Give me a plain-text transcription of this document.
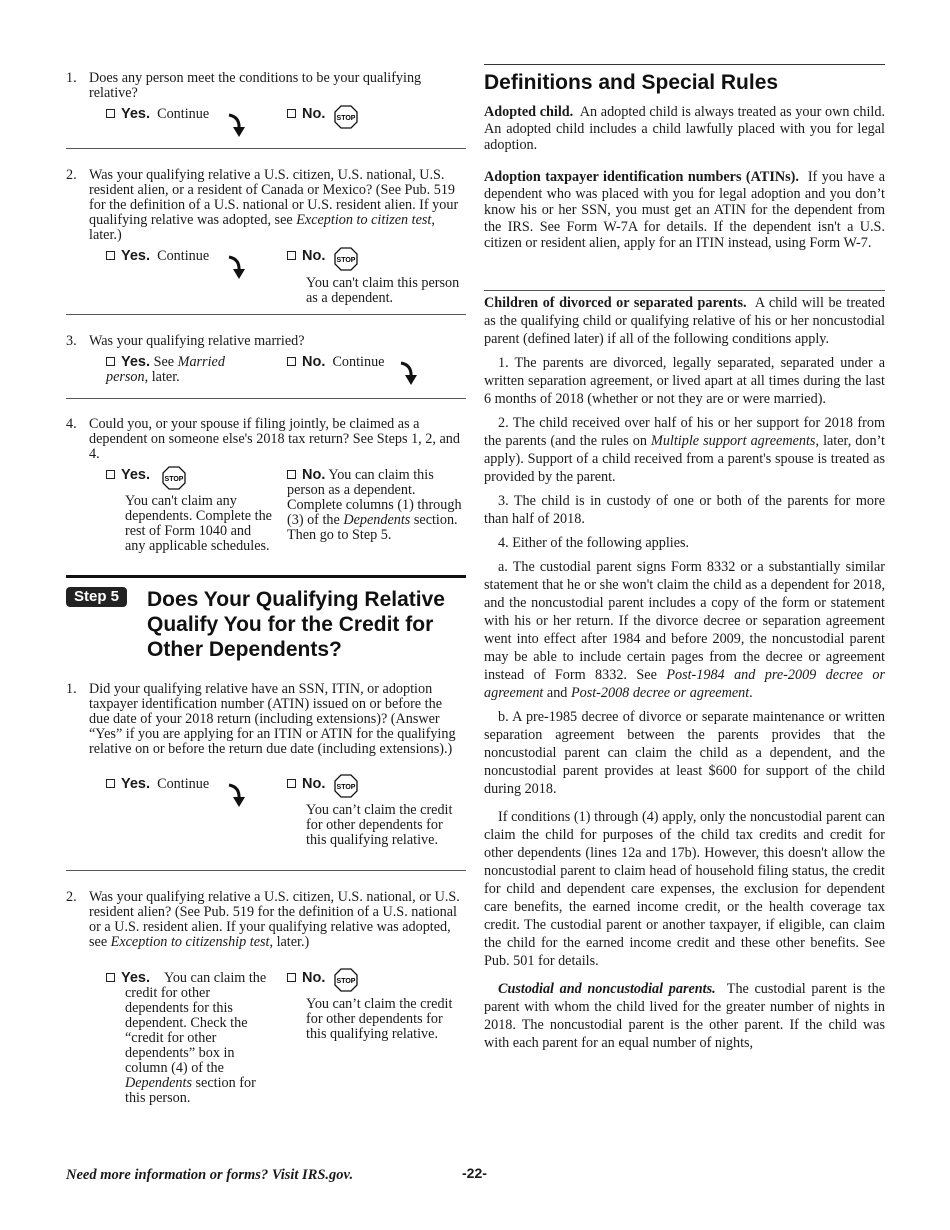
1. Does any person meet the conditions to be your qualifying relative?
Yes. Continue	No. STOP
2. Was your qualifying relative a U.S. citizen, U.S. national, U.S. resident alien, or a resident of Canada or Mexico? (See Pub. 519 for the definition of a U.S. national or U.S. resident alien. If your qualifying relative was adopted, see Exception to citizen test, later.)
Yes. Continue	No. STOP
You can't claim this person as a dependent.
3. Was your qualifying relative married?
Yes. See Married person, later.
No. Continue
4. Could you, or your spouse if filing jointly, be claimed as a dependent on someone else's 2018 tax return? See Steps 1, 2, and 4.
Yes. STOP
You can't claim any dependents. Complete the rest of Form 1040 and any applicable schedules.
No. You can claim this person as a dependent. Complete columns (1) through (3) of the Dependents section. Then go to Step 5.
Step 5	Does Your Qualifying Relative Qualify You for the Credit for Other Dependents?
1. Did your qualifying relative have an SSN, ITIN, or adoption taxpayer identification number (ATIN) issued on or before the due date of your 2018 return (including extensions)? (Answer “Yes” if you are applying for an ITIN or ATIN for the qualifying relative on or before the return due date (including extensions).)
Yes. Continue	No. STOP
You can’t claim the credit for other dependents for this qualifying relative.
2. Was your qualifying relative a U.S. citizen, U.S. national, or U.S. resident alien? (See Pub. 519 for the definition of a U.S. national or a U.S. resident alien. If your qualifying relative was adopted, see Exception to citizenship test, later.)
Yes. You can claim the credit for other dependents for this dependent. Check the “credit for other dependents” box in column (4) of the Dependents section for this person.
No. STOP
You can’t claim the credit for other dependents for this qualifying relative.
Definitions and Special Rules

Adopted child. An adopted child is always treated as your own child. An adopted child includes a child lawfully placed with you for legal adoption.

Adoption taxpayer identification numbers (ATINs). If you have a dependent who was placed with you for legal adoption and you don’t know his or her SSN, you must get an ATIN for the dependent from the IRS. See Form W-7A for details. If the dependent isn't a U.S. citizen or resident alien, apply for an ITIN instead, using Form W-7.

Children of divorced or separated parents. A child will be treated as the qualifying child or qualifying relative of his or her noncustodial parent (defined later) if all of the following conditions apply.

1. The parents are divorced, legally separated, separated under a written separation agreement, or lived apart at all times during the last 6 months of 2018 (whether or not they are or were married).

2. The child received over half of his or her support for 2018 from the parents (and the rules on Multiple support agreements, later, don’t apply). Support of a child received from a parent's spouse is treated as provided by the parent.

3. The child is in custody of one or both of the parents for more than half of 2018.

4. Either of the following applies.

a. The custodial parent signs Form 8332 or a substantially similar statement that he or she won't claim the child as a dependent for 2018, and the noncustodial parent includes a copy of the form or statement with his or her return. If the divorce decree or separation agreement went into effect after 1984 and before 2009, the noncustodial parent may be able to include certain pages from the decree or agreement instead of Form 8332. See Post-1984 and pre-2009 decree or agreement and Post-2008 decree or agreement.

b. A pre-1985 decree of divorce or separate maintenance or written separation agreement between the parents provides that the noncustodial parent can claim the child as a dependent, and the noncustodial parent provides at least $600 for support of the child during 2018.

If conditions (1) through (4) apply, only the noncustodial parent can claim the child for purposes of the child tax credits and credit for other dependents (lines 12a and 17b). However, this doesn't allow the noncustodial parent to claim head of household filing status, the credit for child and dependent care expenses, the exclusion for dependent care benefits, the earned income credit, or the health coverage tax credit. The custodial parent or another taxpayer, if eligible, can claim the child for the earned income credit and these other benefits. See Pub. 501 for details.

Custodial and noncustodial parents. The custodial parent is the parent with whom the child lived for the greater number of nights in 2018. The noncustodial parent is the other parent. If the child was with each parent for an equal number of nights,

Need more information or forms? Visit IRS.gov.	-22-
